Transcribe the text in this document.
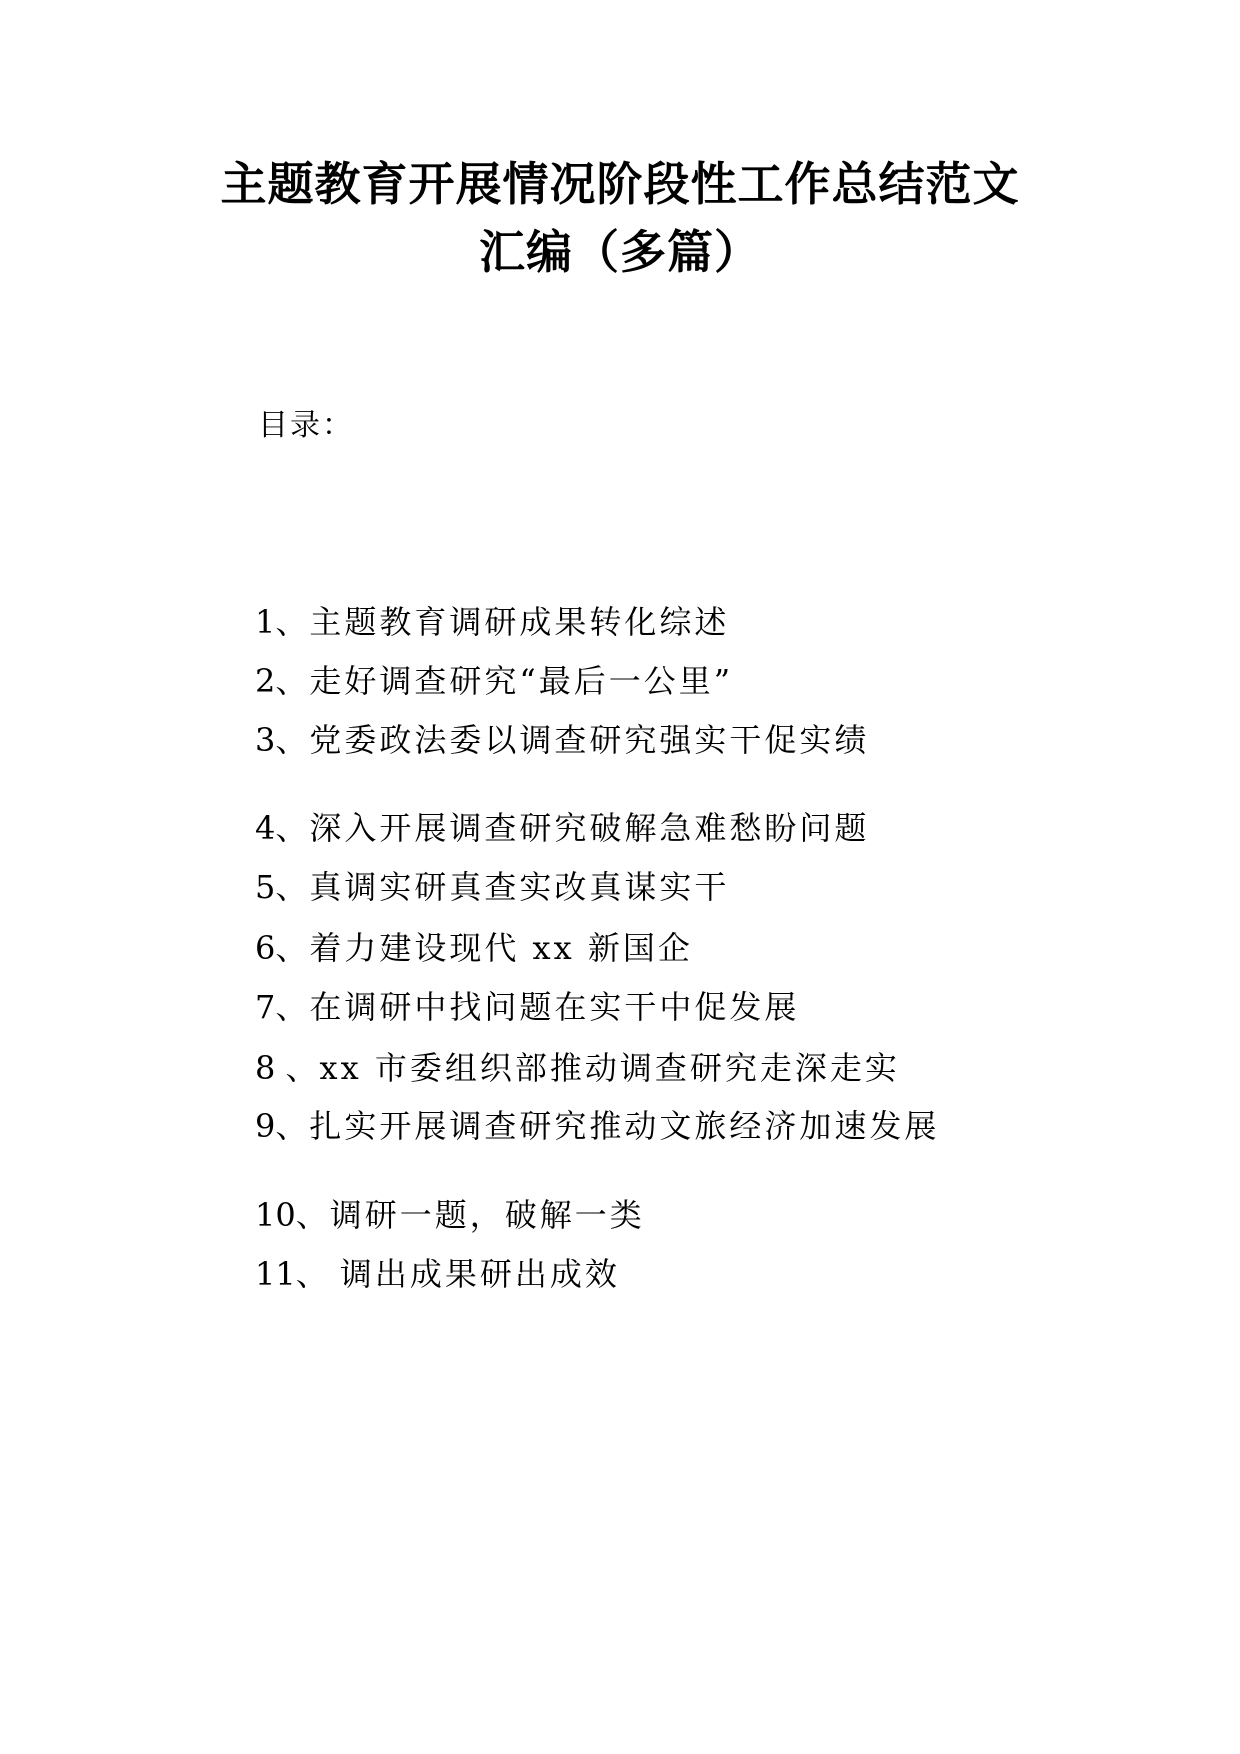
主题教育开展情况阶段性工作总结范文
汇编（多篇）
目录：
1、主题教育调研成果转化综述
2、走好调查研究“最后一公里”
3、党委政法委以调查研究强实干促实绩
4、深入开展调查研究破解急难愁盼问题
5、真调实研真查实改真谋实干
6、着力建设现代 xx 新国企
7、在调研中找问题在实干中促发展
8 、xx 市委组织部推动调查研究走深走实
9、扎实开展调查研究推动文旅经济加速发展
10、调研一题，破解一类
11、 调出成果研出成效
